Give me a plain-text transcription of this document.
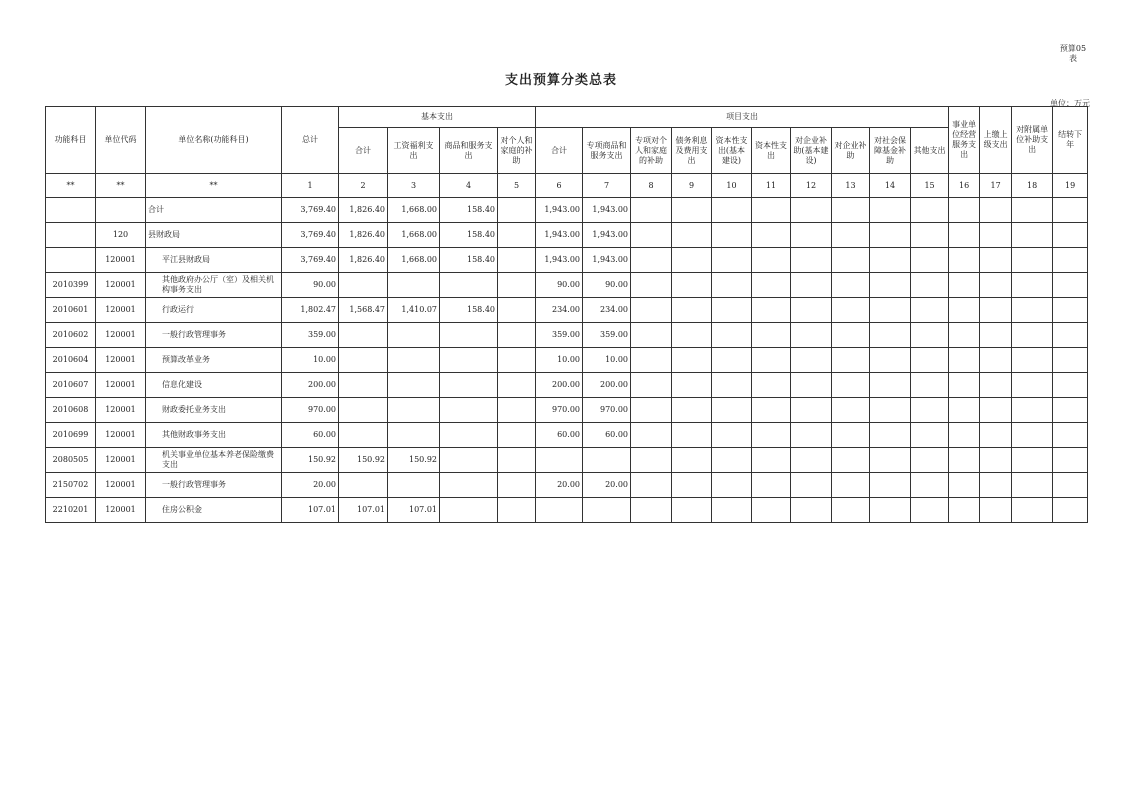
预算05
表
支出预算分类总表
单位：万元
功能科目	单位代码	单位名称(功能科目)	总计	基本支出				项目支出										事业单位经营服务支出	上缴上级支出	对附属单位补助支出	结转下年
				合计	工资福利支出	商品和服务支出	对个人和家庭的补助	合计	专项商品和服务支出	专项对个人和家庭的补助	债务利息及费用支出	资本性支出(基本建设)	资本性支出	对企业补助(基本建设)	对企业补助	对社会保障基金补助	其他支出				
**	**	**	1	2	3	4	5	6	7	8	9	10	11	12	13	14	15	16	17	18	19
		合计	3,769.40	1,826.40	1,668.00	158.40		1,943.00	1,943.00												
	120	县财政局	3,769.40	1,826.40	1,668.00	158.40		1,943.00	1,943.00												
	120001	平江县财政局	3,769.40	1,826.40	1,668.00	158.40		1,943.00	1,943.00												
2010399	120001	其他政府办公厅（室）及相关机构事务支出	90.00					90.00	90.00												
2010601	120001	行政运行	1,802.47	1,568.47	1,410.07	158.40		234.00	234.00												
2010602	120001	一般行政管理事务	359.00					359.00	359.00												
2010604	120001	预算改革业务	10.00					10.00	10.00												
2010607	120001	信息化建设	200.00					200.00	200.00												
2010608	120001	财政委托业务支出	970.00					970.00	970.00												
2010699	120001	其他财政事务支出	60.00					60.00	60.00												
2080505	120001	机关事业单位基本养老保险缴费支出	150.92	150.92	150.92																
2150702	120001	一般行政管理事务	20.00					20.00	20.00												
2210201	120001	住房公积金	107.01	107.01	107.01																
